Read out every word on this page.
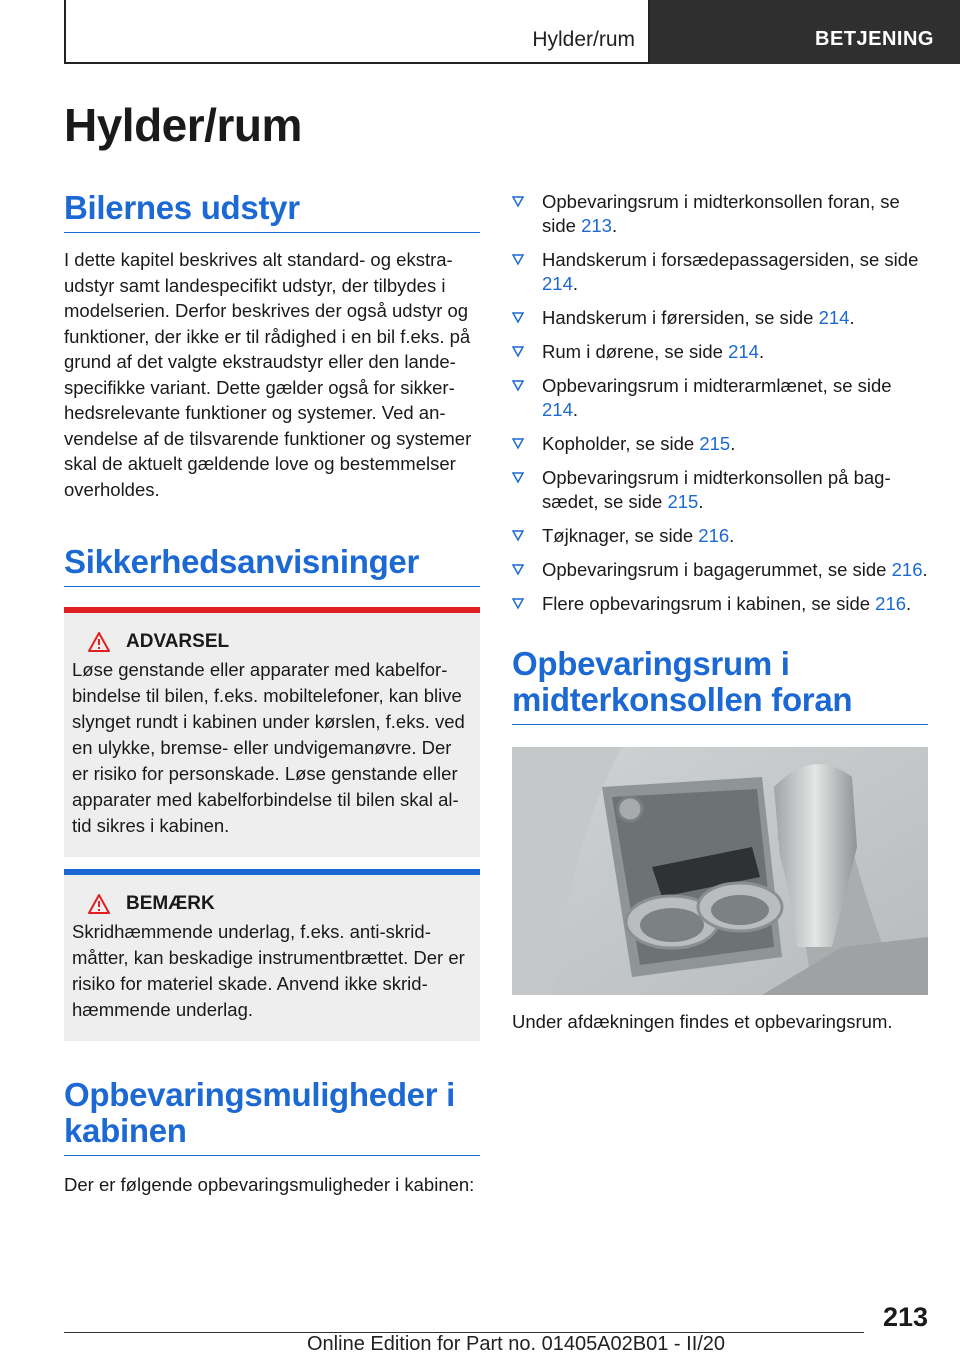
Hylder/rum	BETJENING
Hylder/rum
Bilernes udstyr

I dette kapitel beskrives alt standard- og ekstraudstyr samt landespecifikt udstyr, der tilbydes i modelserien. Derfor beskrives der også udstyr og funktioner, der ikke er til rådighed i en bil f.eks. på grund af det valgte ekstraudstyr eller den landespecifikke variant. Dette gælder også for sikkerhedsrelevante funktioner og systemer. Ved anvendelse af de tilsvarende funktioner og systemer skal de aktuelt gældende love og bestemmelser overholdes.

Sikkerhedsanvisninger
ADVARSEL

Løse genstande eller apparater med kabelforbindelse til bilen, f.eks. mobiltelefoner, kan blive slynget rundt i kabinen under kørslen, f.eks. ved en ulykke, bremse- eller undvigemanøvre. Der er risiko for personskade. Løse genstande eller apparater med kabelforbindelse til bilen skal altid sikres i kabinen.

BEMÆRK

Skridhæmmende underlag, f.eks. anti-skridmåtter, kan beskadige instrumentbrættet. Der er risiko for materiel skade. Anvend ikke skridhæmmende underlag.

Opbevaringsmuligheder i kabinen

Der er følgende opbevaringsmuligheder i kabinen:

Opbevaringsrum i midterkonsollen foran, se side 213.
Handskerum i forsædepassagersiden, se side 214.
Handskerum i førersiden, se side 214.
Rum i dørene, se side 214.
Opbevaringsrum i midterarmlænet, se side 214.
Kopholder, se side 215.
Opbevaringsrum i midterkonsollen på bagsædet, se side 215.
Tøjknager, se side 216.
Opbevaringsrum i bagagerummet, se side 216.
Flere opbevaringsrum i kabinen, se side 216.
Opbevaringsrum i midterkonsollen foran

Under afdækningen findes et opbevaringsrum.

213
Online Edition for Part no. 01405A02B01 - II/20
